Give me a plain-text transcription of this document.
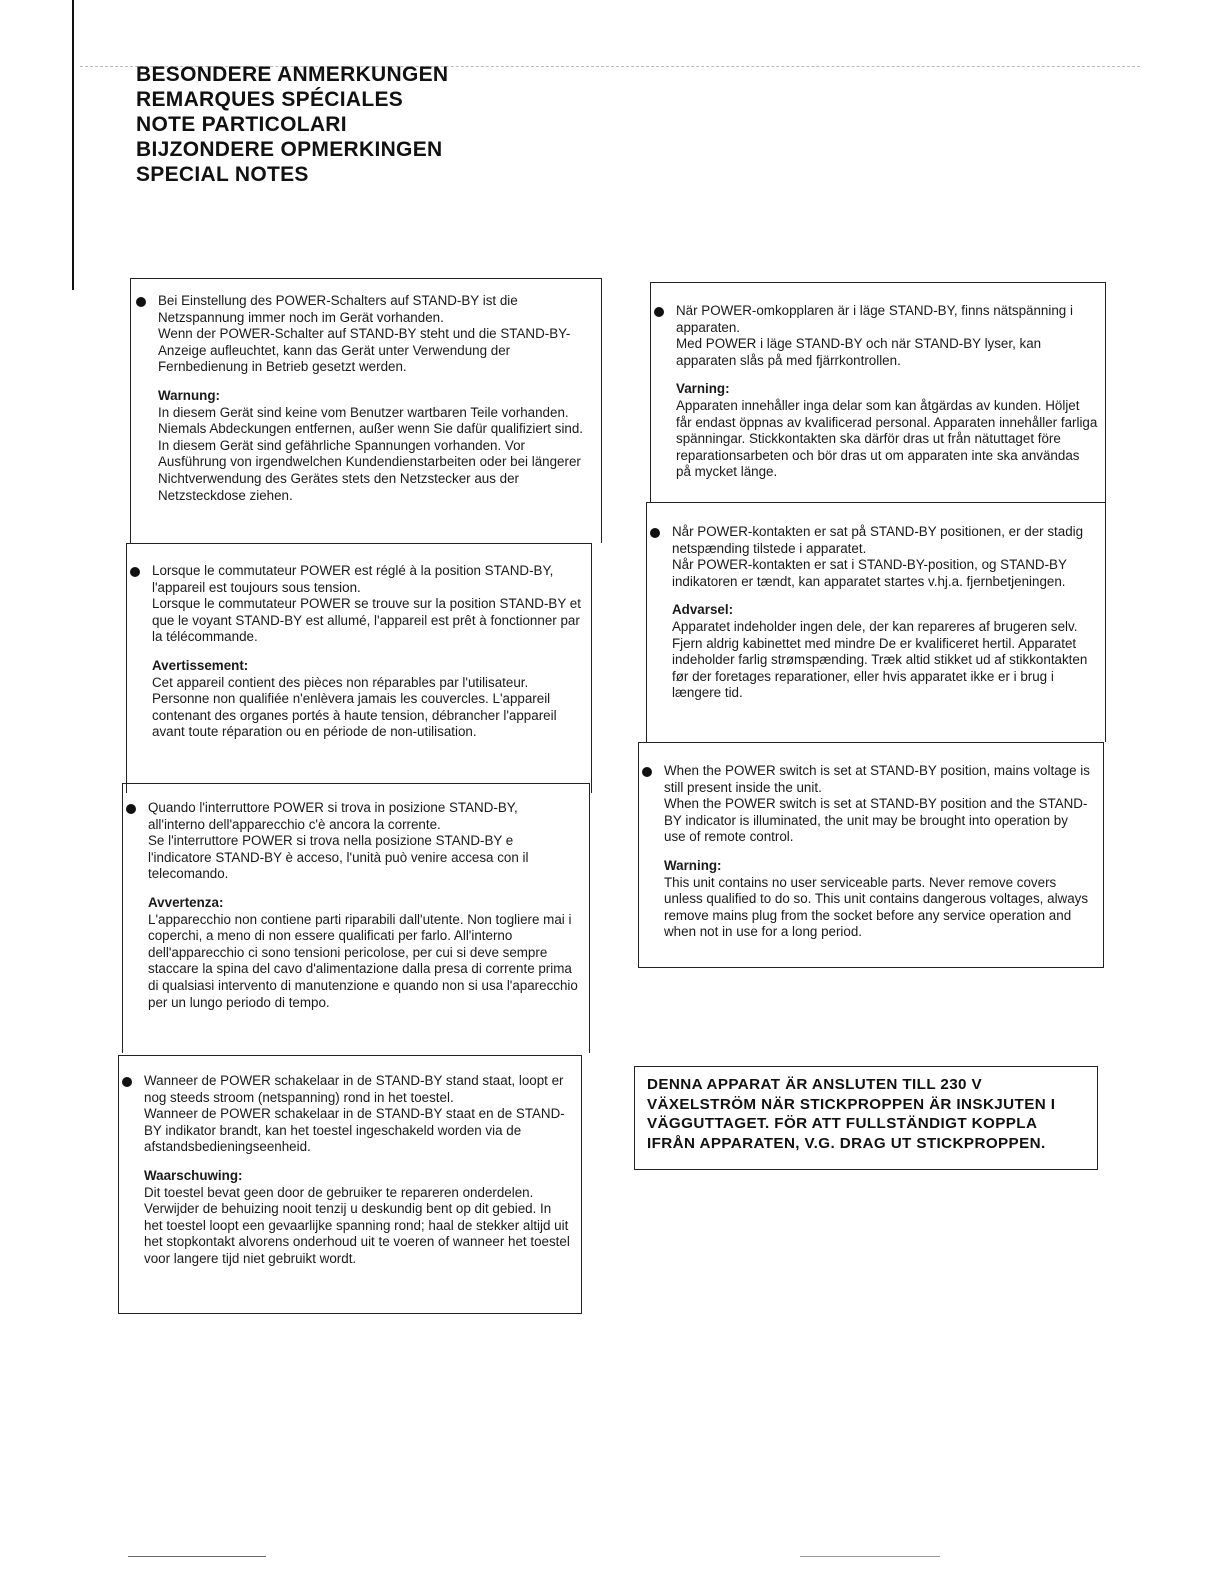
BESONDERE ANMERKUNGEN
REMARQUES SPÉCIALES
NOTE PARTICOLARI
BIJZONDERE OPMERKINGEN
SPECIAL NOTES

Bei Einstellung des POWER-Schalters auf STAND-BY ist die Netzspannung immer noch im Gerät vorhanden.

Wenn der POWER-Schalter auf STAND-BY steht und die STAND-BY-Anzeige aufleuchtet, kann das Gerät unter Verwendung der Fernbedienung in Betrieb gesetzt werden.

Warnung:
In diesem Gerät sind keine vom Benutzer wartbaren Teile vorhanden. Niemals Abdeckungen entfernen, außer wenn Sie dafür qualifiziert sind. In diesem Gerät sind gefährliche Spannungen vorhanden. Vor Ausführung von irgendwelchen Kundendienstarbeiten oder bei längerer Nichtverwendung des Gerätes stets den Netzstecker aus der Netzsteckdose ziehen.

Lorsque le commutateur POWER est réglé à la position STAND-BY, l'appareil est toujours sous tension.

Lorsque le commutateur POWER se trouve sur la position STAND-BY et que le voyant STAND-BY est allumé, l'appareil est prêt à fonctionner par la télécommande.

Avertissement:
Cet appareil contient des pièces non réparables par l'utilisateur. Personne non qualifiée n'enlèvera jamais les couvercles. L'appareil contenant des organes portés à haute tension, débrancher l'appareil avant toute réparation ou en période de non-utilisation.

Quando l'interruttore POWER si trova in posizione STAND-BY, all'interno dell'apparecchio c'è ancora la corrente.

Se l'interruttore POWER si trova nella posizione STAND-BY e l'indicatore STAND-BY è acceso, l'unità può venire accesa con il telecomando.

Avvertenza:
L'apparecchio non contiene parti riparabili dall'utente. Non togliere mai i coperchi, a meno di non essere qualificati per farlo. All'interno dell'apparecchio ci sono tensioni pericolose, per cui si deve sempre staccare la spina del cavo d'alimentazione dalla presa di corrente prima di qualsiasi intervento di manutenzione e quando non si usa l'aparecchio per un lungo periodo di tempo.

Wanneer de POWER schakelaar in de STAND-BY stand staat, loopt er nog steeds stroom (netspanning) rond in het toestel.

Wanneer de POWER schakelaar in de STAND-BY staat en de STAND-BY indikator brandt, kan het toestel ingeschakeld worden via de afstandsbedieningseenheid.

Waarschuwing:
Dit toestel bevat geen door de gebruiker te repareren onderdelen. Verwijder de behuizing nooit tenzij u deskundig bent op dit gebied. In het toestel loopt een gevaarlijke spanning rond; haal de stekker altijd uit het stopkontakt alvorens onderhoud uit te voeren of wanneer het toestel voor langere tijd niet gebruikt wordt.

När POWER-omkopplaren är i läge STAND-BY, finns nätspänning i apparaten.

Med POWER i läge STAND-BY och när STAND-BY lyser, kan apparaten slås på med fjärrkontrollen.

Varning:
Apparaten innehåller inga delar som kan åtgärdas av kunden. Höljet får endast öppnas av kvalificerad personal. Apparaten innehåller farliga spänningar. Stickkontakten ska därför dras ut från nätuttaget före reparationsarbeten och bör dras ut om apparaten inte ska användas på mycket länge.

Når POWER-kontakten er sat på STAND-BY positionen, er der stadig netspænding tilstede i apparatet.

Når POWER-kontakten er sat i STAND-BY-position, og STAND-BY indikatoren er tændt, kan apparatet startes v.hj.a. fjernbetjeningen.

Advarsel:
Apparatet indeholder ingen dele, der kan repareres af brugeren selv. Fjern aldrig kabinettet med mindre De er kvalificeret hertil. Apparatet indeholder farlig strømspænding. Træk altid stikket ud af stikkontakten før der foretages reparationer, eller hvis apparatet ikke er i brug i længere tid.

When the POWER switch is set at STAND-BY position, mains voltage is still present inside the unit.

When the POWER switch is set at STAND-BY position and the STAND-BY indicator is illuminated, the unit may be brought into operation by use of remote control.

Warning:
This unit contains no user serviceable parts. Never remove covers unless qualified to do so. This unit contains dangerous voltages, always remove mains plug from the socket before any service operation and when not in use for a long period.
DENNA APPARAT ÄR ANSLUTEN TILL 230 V VÄXELSTRÖM NÄR STICKPROPPEN ÄR INSKJUTEN I VÄGGUTTAGET. FÖR ATT FULLSTÄNDIGT KOPPLA IFRÅN APPARATEN, V.G. DRAG UT STICKPROPPEN.
